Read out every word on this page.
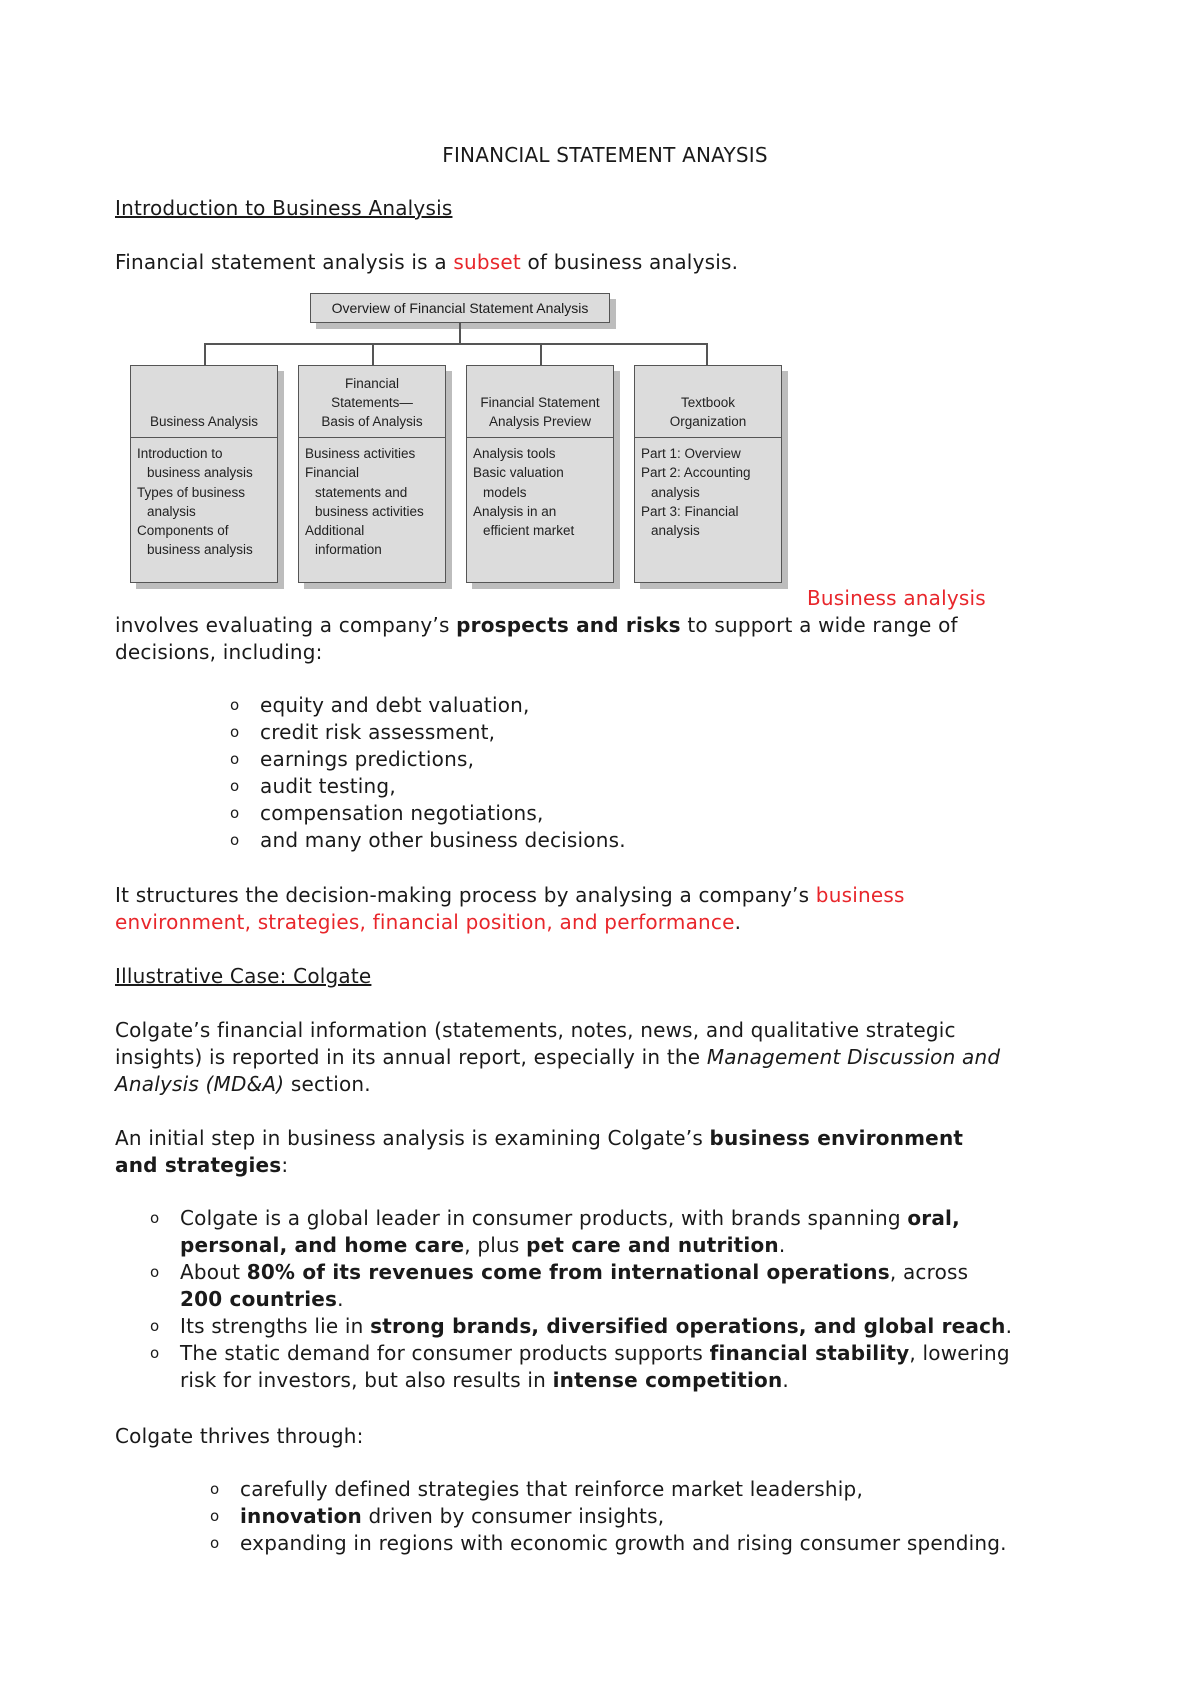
FINANCIAL STATEMENT ANAYSIS
Introduction to Business Analysis
Financial statement analysis is a subset of business analysis.
Business analysis
involves evaluating a company’s prospects and risks to support a wide range of
decisions, including:
o equity and debt valuation,
o credit risk assessment,
o earnings predictions,
o audit testing,
o compensation negotiations,
o and many other business decisions.
It structures the decision-making process by analysing a company’s business
environment, strategies, financial position, and performance.
Illustrative Case: Colgate
Colgate’s financial information (statements, notes, news, and qualitative strategic
insights) is reported in its annual report, especially in the Management Discussion and
Analysis (MD&A) section.
An initial step in business analysis is examining Colgate’s business environment
and strategies:
o Colgate is a global leader in consumer products, with brands spanning oral,
personal, and home care, plus pet care and nutrition.
o About 80% of its revenues come from international operations, across
200 countries.
o Its strengths lie in strong brands, diversified operations, and global reach.
o The static demand for consumer products supports financial stability, lowering
risk for investors, but also results in intense competition.
Colgate thrives through:
o carefully defined strategies that reinforce market leadership,
o innovation driven by consumer insights,
o expanding in regions with economic growth and rising consumer spending.
Overview of Financial Statement Analysis
Business Analysis
Introduction to
business analysis
Types of business
analysis
Components of
business analysis
Financial
Statements—
Basis of Analysis
Business activities
Financial
statements and
business activities
Additional
information
Financial Statement
Analysis Preview
Analysis tools
Basic valuation
models
Analysis in an
efficient market
Textbook
Organization
Part 1: Overview
Part 2: Accounting
analysis
Part 3: Financial
analysis
